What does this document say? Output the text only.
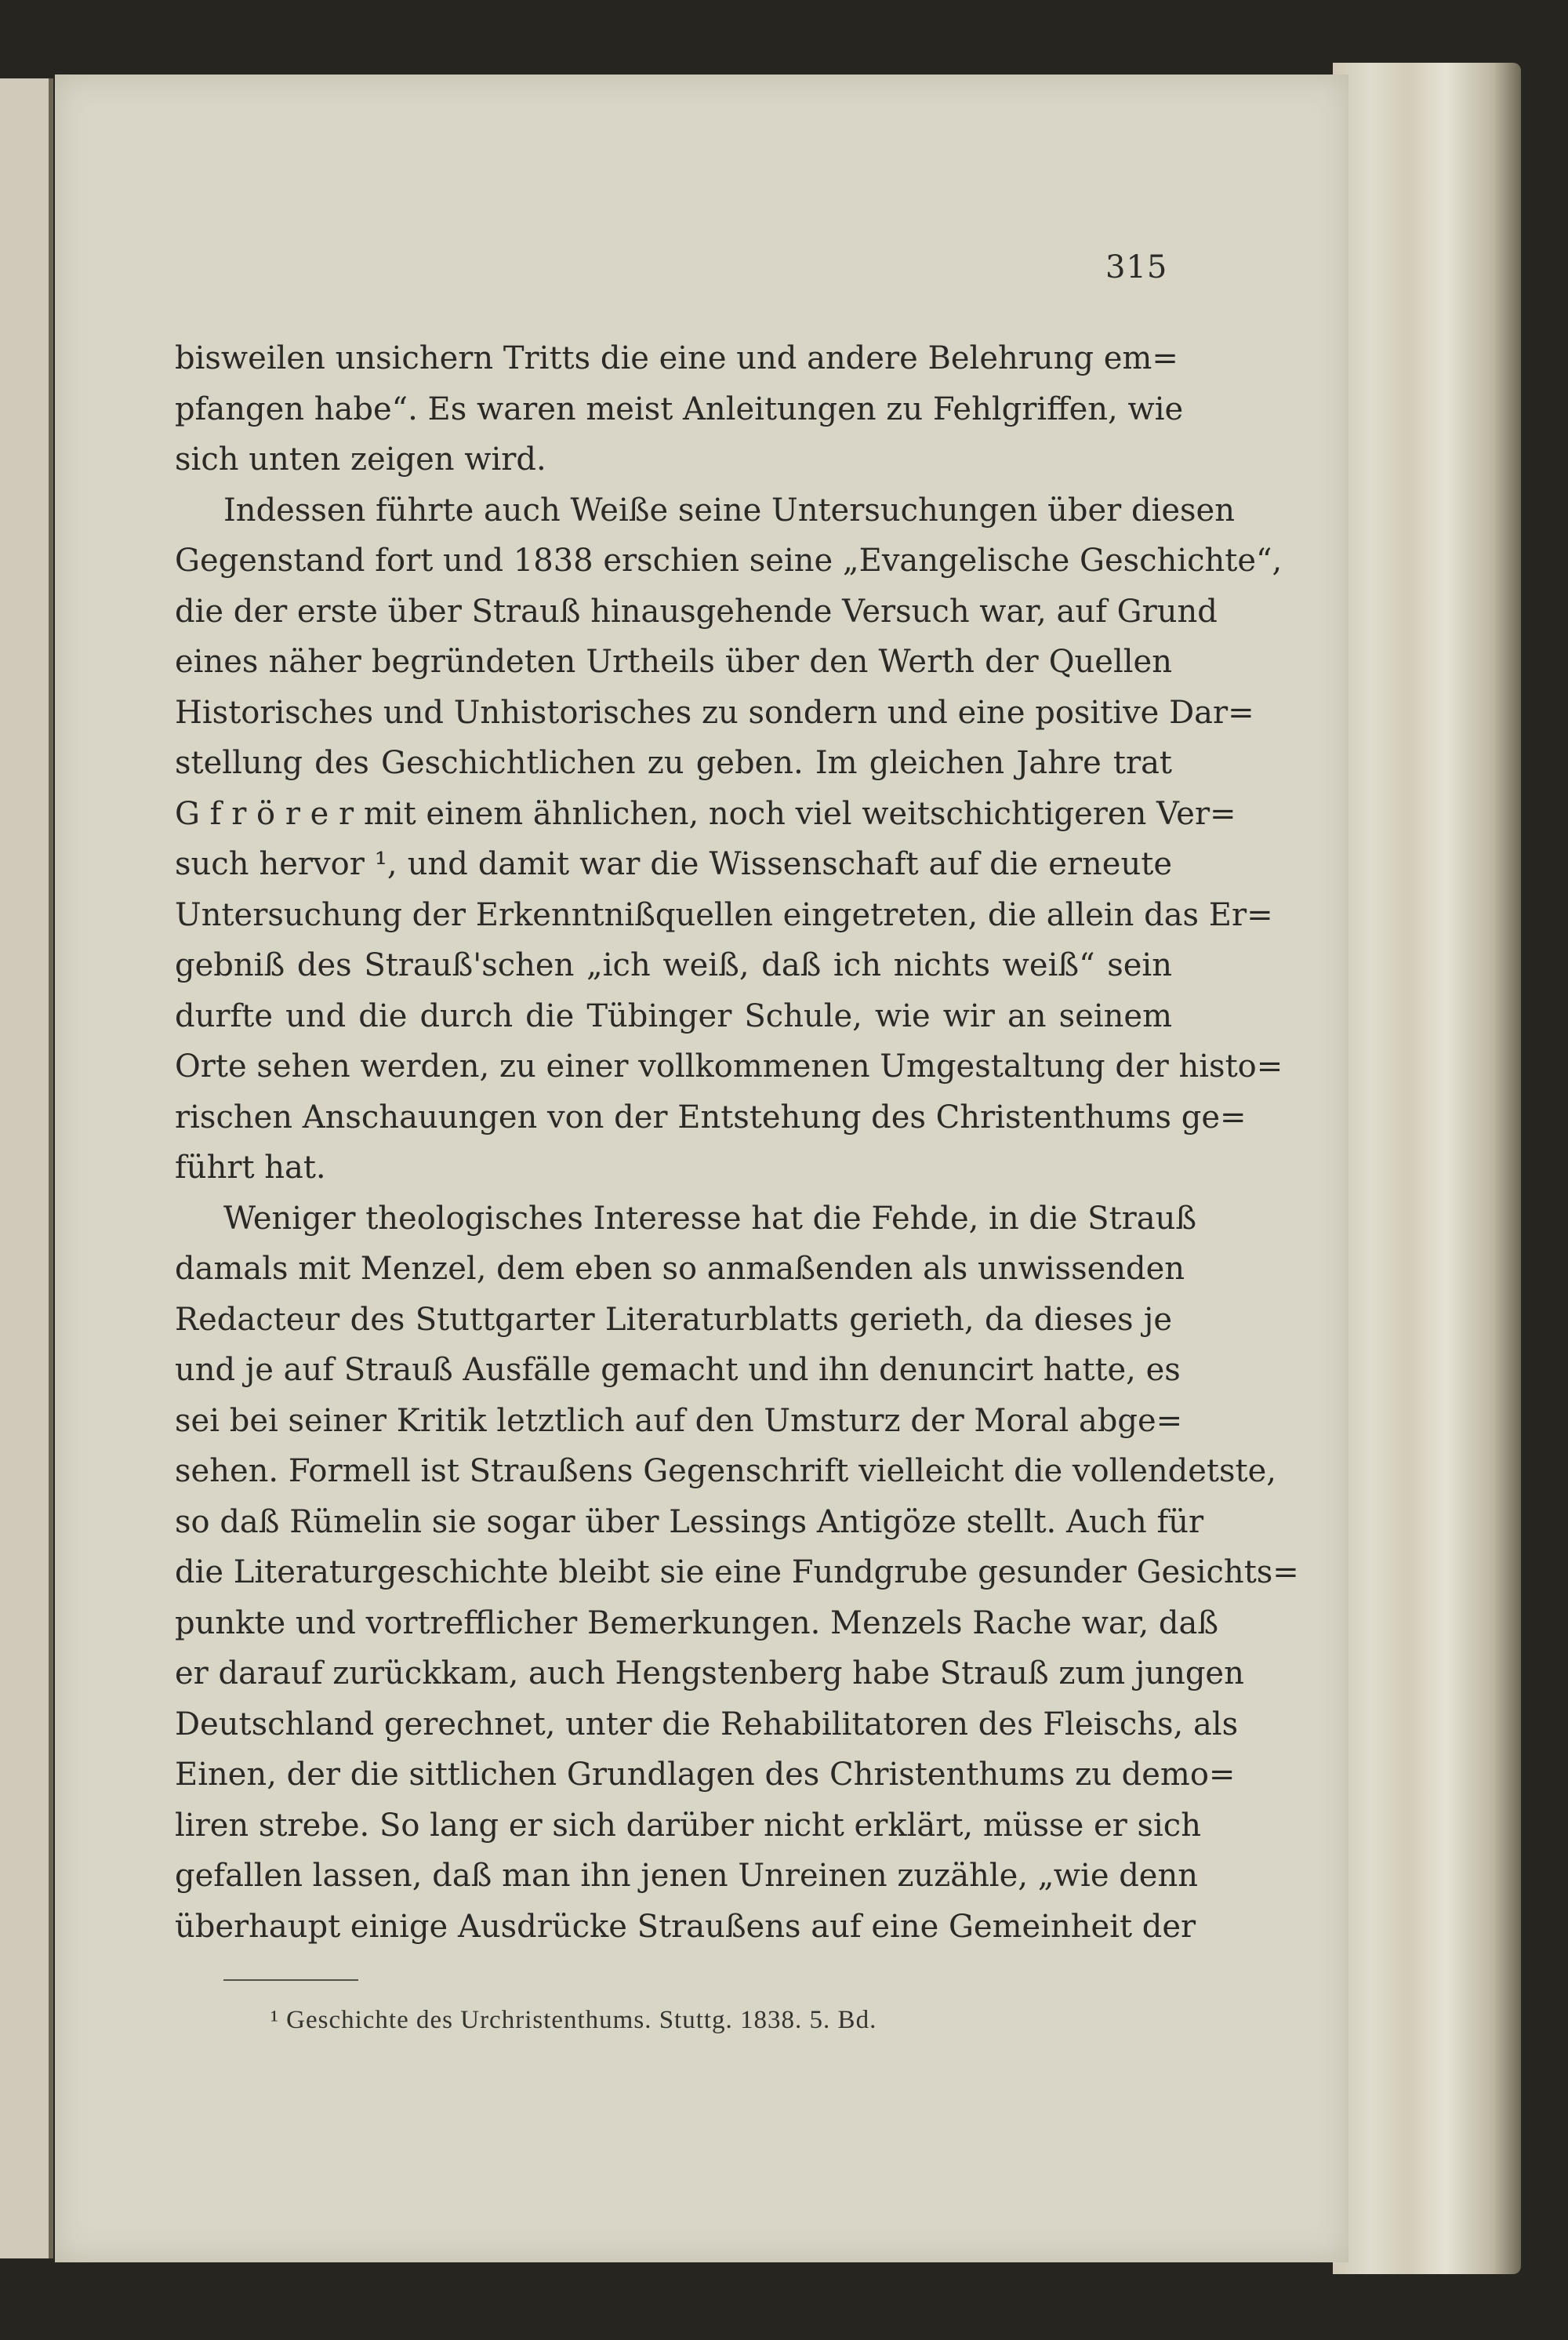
315
bisweilen unsichern Tritts die eine und andere Belehrung em=
pfangen habe“. Es waren meist Anleitungen zu Fehlgriffen, wie
sich unten zeigen wird.
Indessen führte auch Weiße seine Untersuchungen über diesen
Gegenstand fort und 1838 erschien seine „Evangelische Geschichte“,
die der erste über Strauß hinausgehende Versuch war, auf Grund
eines näher begründeten Urtheils über den Werth der Quellen
Historisches und Unhistorisches zu sondern und eine positive Dar=
stellung des Geschichtlichen zu geben. Im gleichen Jahre trat
G f r ö r e r mit einem ähnlichen, noch viel weitschichtigeren Ver=
such hervor ¹, und damit war die Wissenschaft auf die erneute
Untersuchung der Erkenntnißquellen eingetreten, die allein das Er=
gebniß des Strauß'schen „ich weiß, daß ich nichts weiß“ sein
durfte und die durch die Tübinger Schule, wie wir an seinem
Orte sehen werden, zu einer vollkommenen Umgestaltung der histo=
rischen Anschauungen von der Entstehung des Christenthums ge=
führt hat.
Weniger theologisches Interesse hat die Fehde, in die Strauß
damals mit Menzel, dem eben so anmaßenden als unwissenden
Redacteur des Stuttgarter Literaturblatts gerieth, da dieses je
und je auf Strauß Ausfälle gemacht und ihn denuncirt hatte, es
sei bei seiner Kritik letztlich auf den Umsturz der Moral abge=
sehen. Formell ist Straußens Gegenschrift vielleicht die vollendetste,
so daß Rümelin sie sogar über Lessings Antigöze stellt. Auch für
die Literaturgeschichte bleibt sie eine Fundgrube gesunder Gesichts=
punkte und vortrefflicher Bemerkungen. Menzels Rache war, daß
er darauf zurückkam, auch Hengstenberg habe Strauß zum jungen
Deutschland gerechnet, unter die Rehabilitatoren des Fleischs, als
Einen, der die sittlichen Grundlagen des Christenthums zu demo=
liren strebe. So lang er sich darüber nicht erklärt, müsse er sich
gefallen lassen, daß man ihn jenen Unreinen zuzähle, „wie denn
überhaupt einige Ausdrücke Straußens auf eine Gemeinheit der
¹ Geschichte des Urchristenthums. Stuttg. 1838. 5. Bd.
